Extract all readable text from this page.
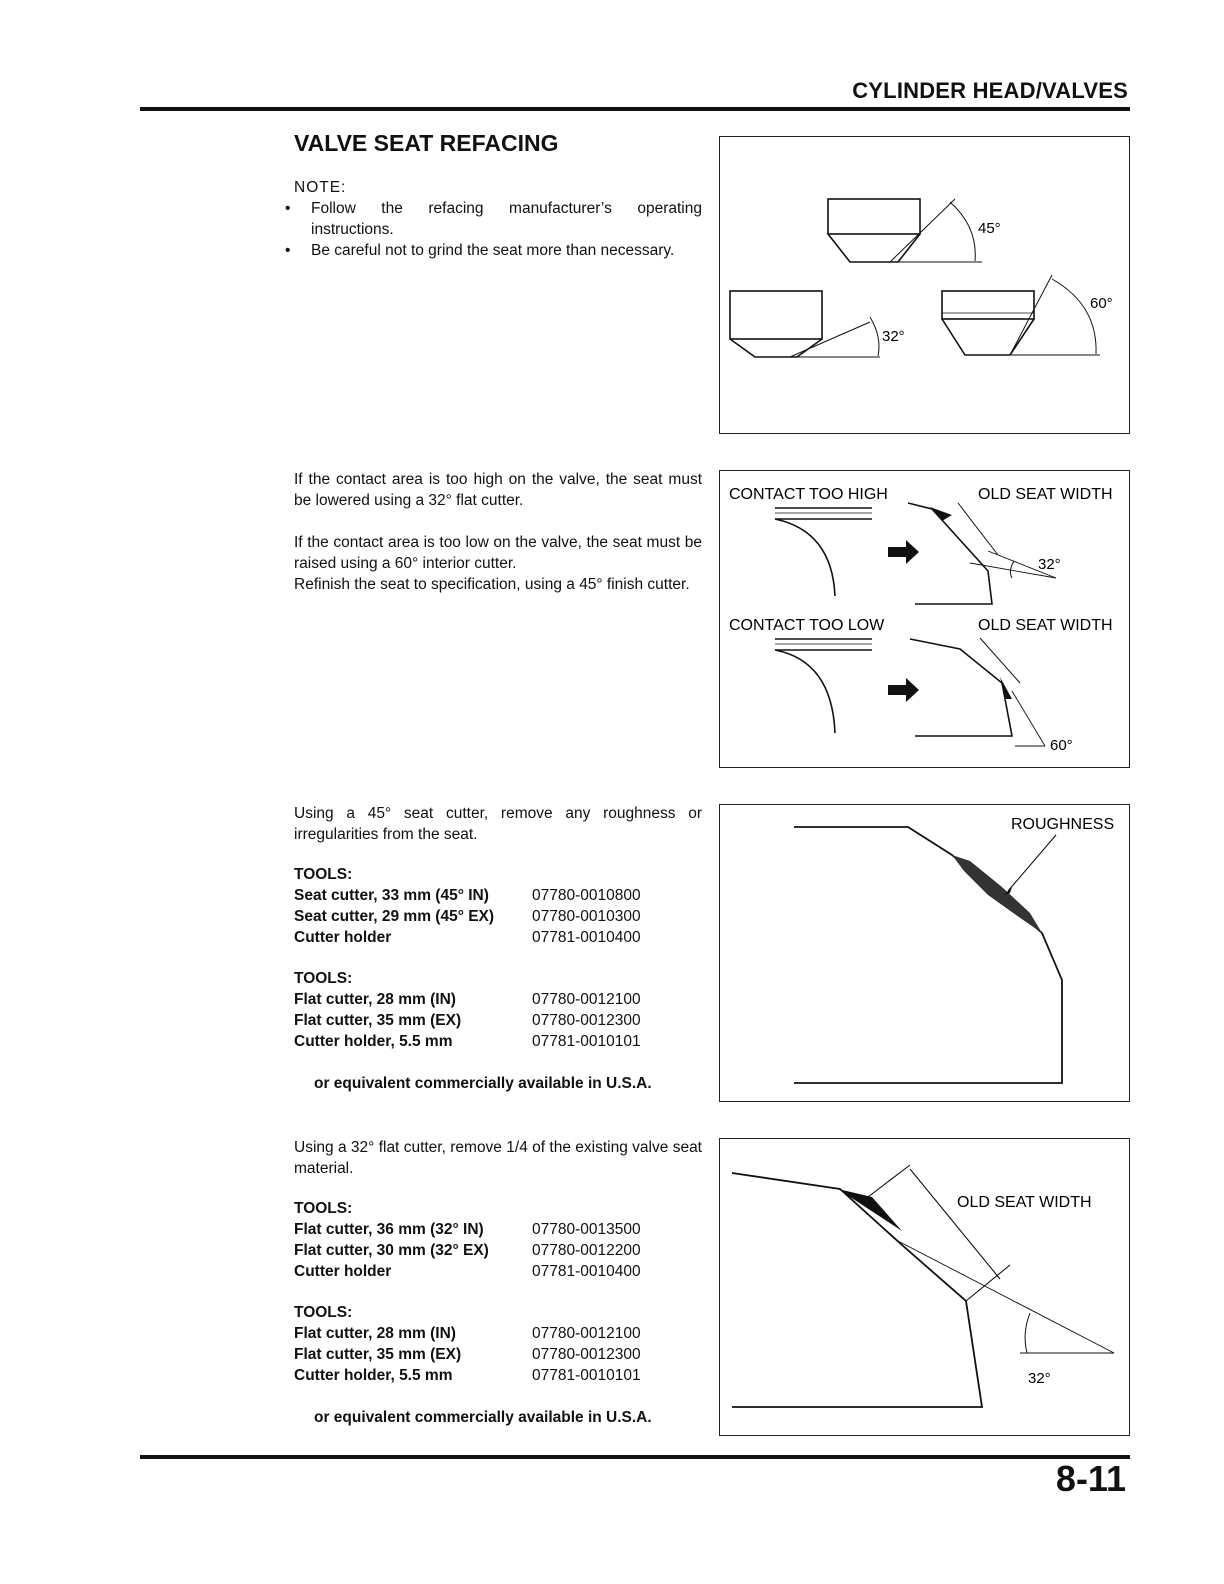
CYLINDER HEAD/VALVES
VALVE SEAT REFACING
NOTE:
• Follow the refacing manufacturer’s operating instructions.
• Be careful not to grind the seat more than necessary.
If the contact area is too high on the valve, the seat must be lowered using a 32° flat cutter.
If the contact area is too low on the valve, the seat must be raised using a 60° interior cutter.
Refinish the seat to specification, using a 45° finish cutter.
Using a 45° seat cutter, remove any roughness or irregularities from the seat.
TOOLS:
Seat cutter, 33 mm (45° IN)	07780-0010800
Seat cutter, 29 mm (45° EX) 07780-0010300
Cutter holder	07781-0010400
TOOLS:
Flat cutter, 28 mm (IN)	07780-0012100
Flat cutter, 35 mm (EX)	07780-0012300
Cutter holder, 5.5 mm	07781-0010101
or equivalent commercially available in U.S.A.
Using a 32° flat cutter, remove 1/4 of the existing valve seat material.
TOOLS:
Flat cutter, 36 mm (32° IN)	07780-0013500
Flat cutter, 30 mm (32° EX)	07780-0012200
Cutter holder	07781-0010400
TOOLS:
Flat cutter, 28 mm (IN)	07780-0012100
Flat cutter, 35 mm (EX)	07780-0012300
Cutter holder, 5.5 mm	07781-0010101
or equivalent commercially available in U.S.A.
45°
32°
60°
CONTACT TOO HIGH	OLD SEAT WIDTH
32°
CONTACT TOO LOW	OLD SEAT WIDTH
60°
ROUGHNESS
OLD SEAT WIDTH
32°
8-11
